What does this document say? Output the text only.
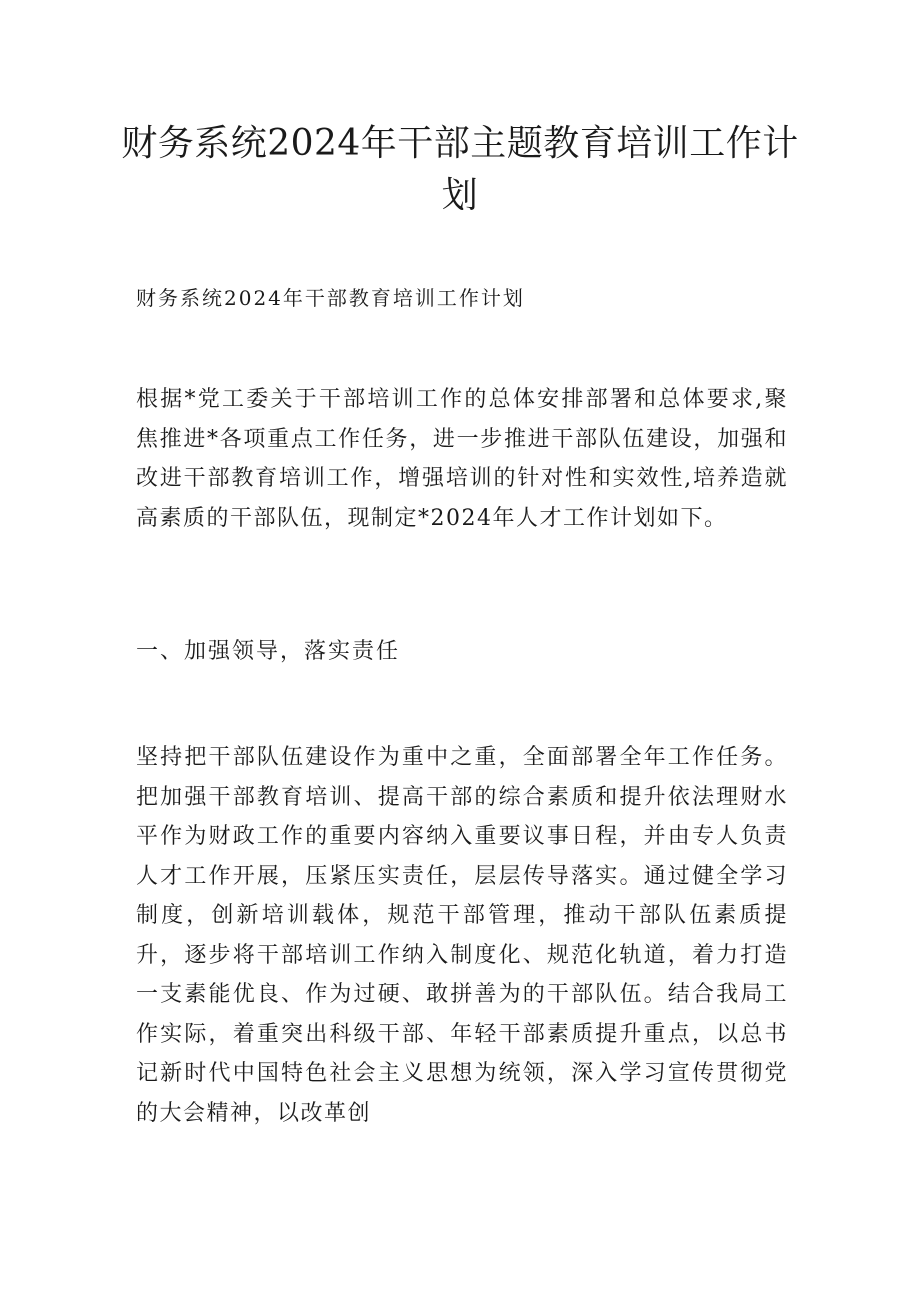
财务系统2024年干部主题教育培训工作计划

财务系统2024年干部教育培训工作计划

根据*党工委关于干部培训工作的总体安排部署和总体要求,聚焦推进*各项重点工作任务，进一步推进干部队伍建设，加强和改进干部教育培训工作，增强培训的针对性和实效性,培养造就高素质的干部队伍，现制定*2024年人才工作计划如下。

一、加强领导，落实责任

坚持把干部队伍建设作为重中之重，全面部署全年工作任务。把加强干部教育培训、提高干部的综合素质和提升依法理财水平作为财政工作的重要内容纳入重要议事日程，并由专人负责人才工作开展，压紧压实责任，层层传导落实。通过健全学习制度，创新培训载体，规范干部管理，推动干部队伍素质提升，逐步将干部培训工作纳入制度化、规范化轨道，着力打造一支素能优良、作为过硬、敢拼善为的干部队伍。结合我局工作实际，着重突出科级干部、年轻干部素质提升重点，以总书记新时代中国特色社会主义思想为统领，深入学习宣传贯彻党的大会精神，以改革创
